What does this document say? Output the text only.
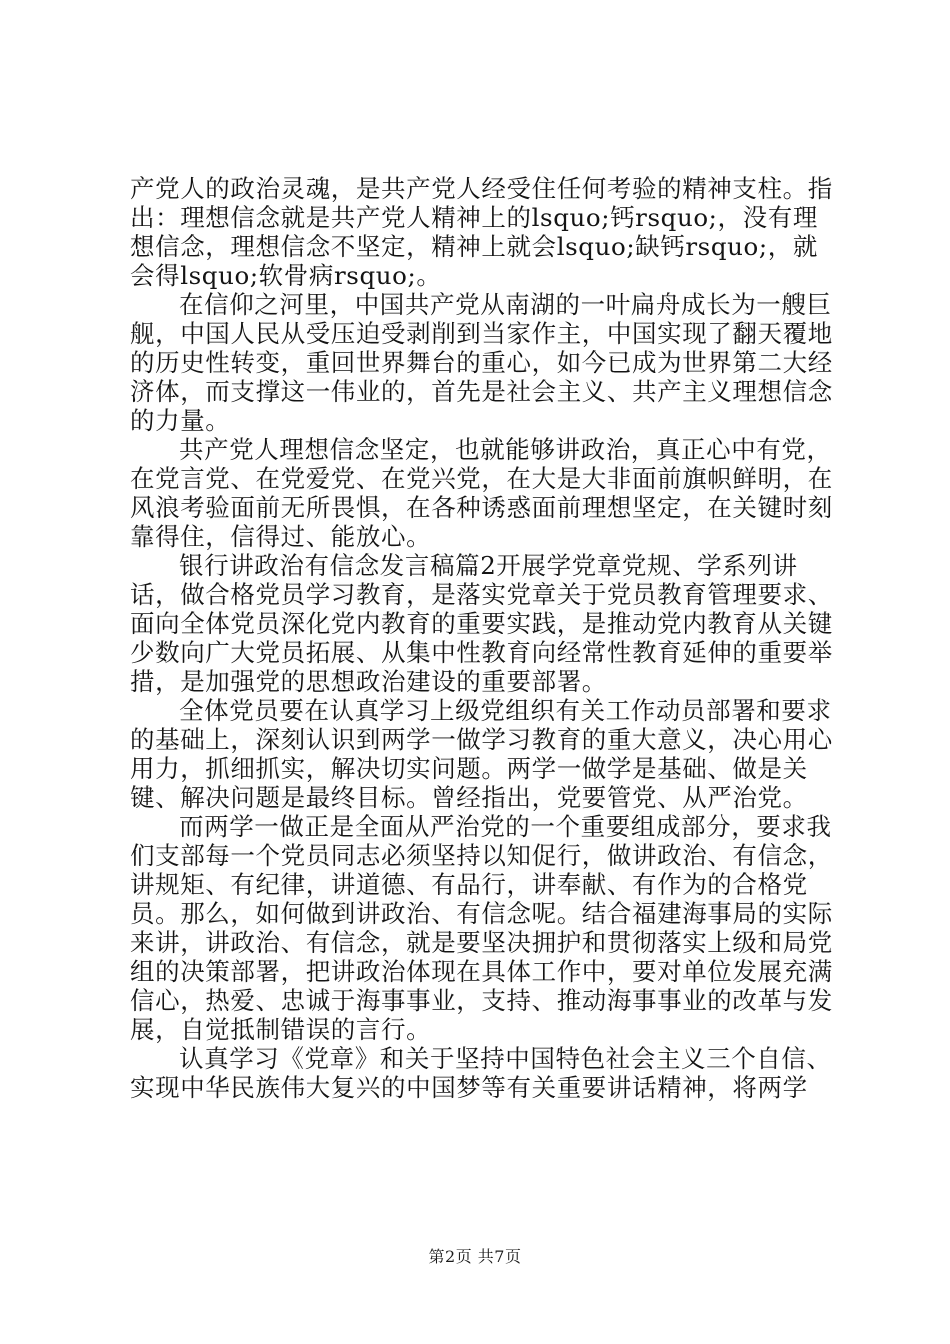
产党人的政治灵魂，是共产党人经受住任何考验的精神支柱。指出：理想信念就是共产党人精神上的lsquo;钙rsquo;，没有理想信念，理想信念不坚定，精神上就会lsquo;缺钙rsquo;，就会得lsquo;软骨病rsquo;。

在信仰之河里，中国共产党从南湖的一叶扁舟成长为一艘巨舰，中国人民从受压迫受剥削到当家作主，中国实现了翻天覆地的历史性转变，重回世界舞台的重心，如今已成为世界第二大经济体，而支撑这一伟业的，首先是社会主义、共产主义理想信念的力量。

共产党人理想信念坚定，也就能够讲政治，真正心中有党，在党言党、在党爱党、在党兴党，在大是大非面前旗帜鲜明，在风浪考验面前无所畏惧，在各种诱惑面前理想坚定，在关键时刻靠得住，信得过、能放心。

银行讲政治有信念发言稿篇2开展学党章党规、学系列讲话，做合格党员学习教育，是落实党章关于党员教育管理要求、面向全体党员深化党内教育的重要实践，是推动党内教育从关键少数向广大党员拓展、从集中性教育向经常性教育延伸的重要举措，是加强党的思想政治建设的重要部署。

全体党员要在认真学习上级党组织有关工作动员部署和要求的基础上，深刻认识到两学一做学习教育的重大意义，决心用心用力，抓细抓实，解决切实问题。两学一做学是基础、做是关键、解决问题是最终目标。曾经指出，党要管党、从严治党。

而两学一做正是全面从严治党的一个重要组成部分，要求我们支部每一个党员同志必须坚持以知促行，做讲政治、有信念，讲规矩、有纪律，讲道德、有品行，讲奉献、有作为的合格党员。那么，如何做到讲政治、有信念呢。结合福建海事局的实际来讲，讲政治、有信念，就是要坚决拥护和贯彻落实上级和局党组的决策部署，把讲政治体现在具体工作中，要对单位发展充满信心，热爱、忠诚于海事事业，支持、推动海事事业的改革与发展，自觉抵制错误的言行。

认真学习《党章》和关于坚持中国特色社会主义三个自信、实现中华民族伟大复兴的中国梦等有关重要讲话精神，将两学

第2页 共7页
